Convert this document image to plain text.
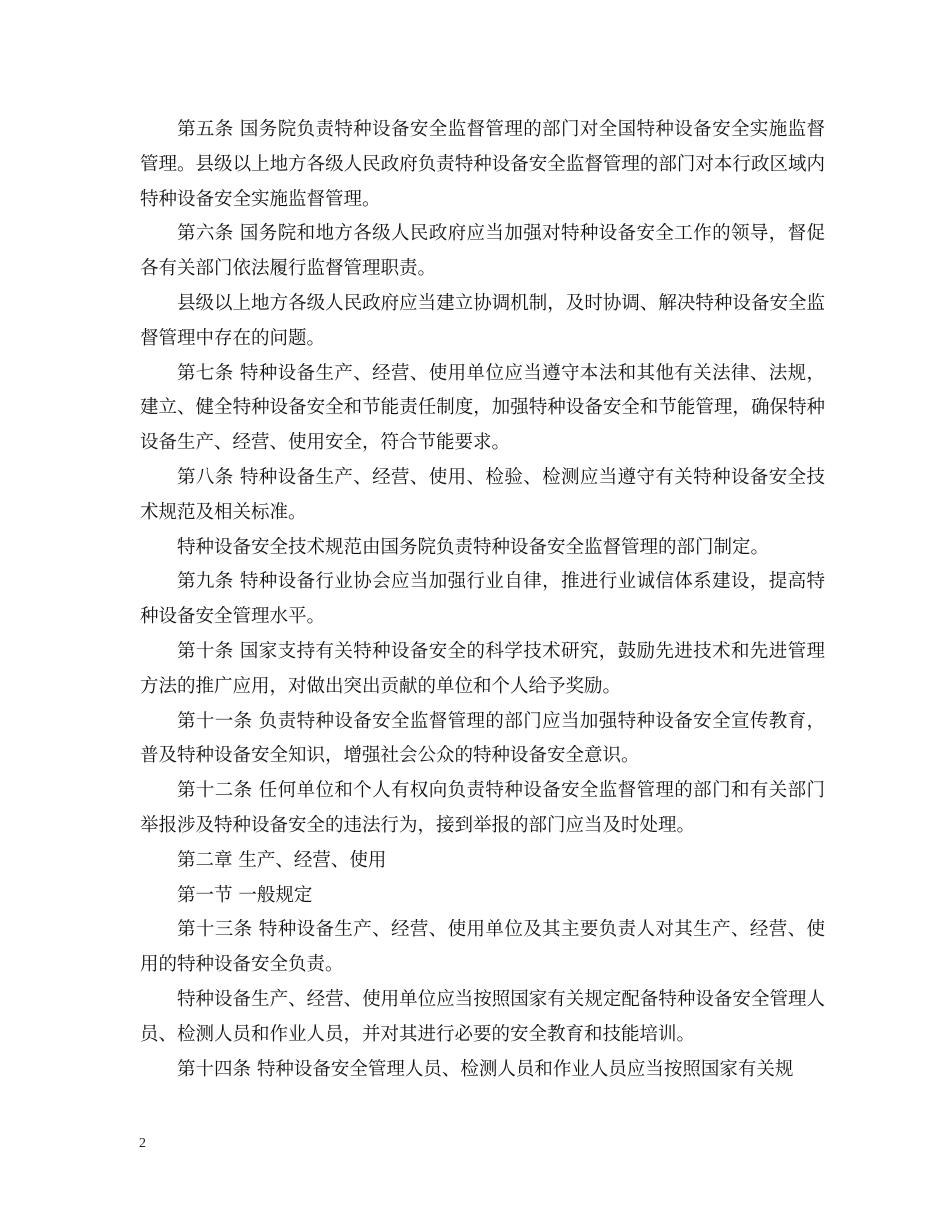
第五条 国务院负责特种设备安全监督管理的部门对全国特种设备安全实施监督管理。县级以上地方各级人民政府负责特种设备安全监督管理的部门对本行政区域内特种设备安全实施监督管理。

第六条 国务院和地方各级人民政府应当加强对特种设备安全工作的领导，督促各有关部门依法履行监督管理职责。

县级以上地方各级人民政府应当建立协调机制，及时协调、解决特种设备安全监督管理中存在的问题。

第七条 特种设备生产、经营、使用单位应当遵守本法和其他有关法律、法规，建立、健全特种设备安全和节能责任制度，加强特种设备安全和节能管理，确保特种设备生产、经营、使用安全，符合节能要求。

第八条 特种设备生产、经营、使用、检验、检测应当遵守有关特种设备安全技术规范及相关标准。

特种设备安全技术规范由国务院负责特种设备安全监督管理的部门制定。

第九条 特种设备行业协会应当加强行业自律，推进行业诚信体系建设，提高特种设备安全管理水平。

第十条 国家支持有关特种设备安全的科学技术研究，鼓励先进技术和先进管理方法的推广应用，对做出突出贡献的单位和个人给予奖励。

第十一条 负责特种设备安全监督管理的部门应当加强特种设备安全宣传教育，普及特种设备安全知识，增强社会公众的特种设备安全意识。

第十二条 任何单位和个人有权向负责特种设备安全监督管理的部门和有关部门举报涉及特种设备安全的违法行为，接到举报的部门应当及时处理。

第二章 生产、经营、使用

第一节 一般规定

第十三条 特种设备生产、经营、使用单位及其主要负责人对其生产、经营、使用的特种设备安全负责。

特种设备生产、经营、使用单位应当按照国家有关规定配备特种设备安全管理人员、检测人员和作业人员，并对其进行必要的安全教育和技能培训。

第十四条 特种设备安全管理人员、检测人员和作业人员应当按照国家有关规

2
